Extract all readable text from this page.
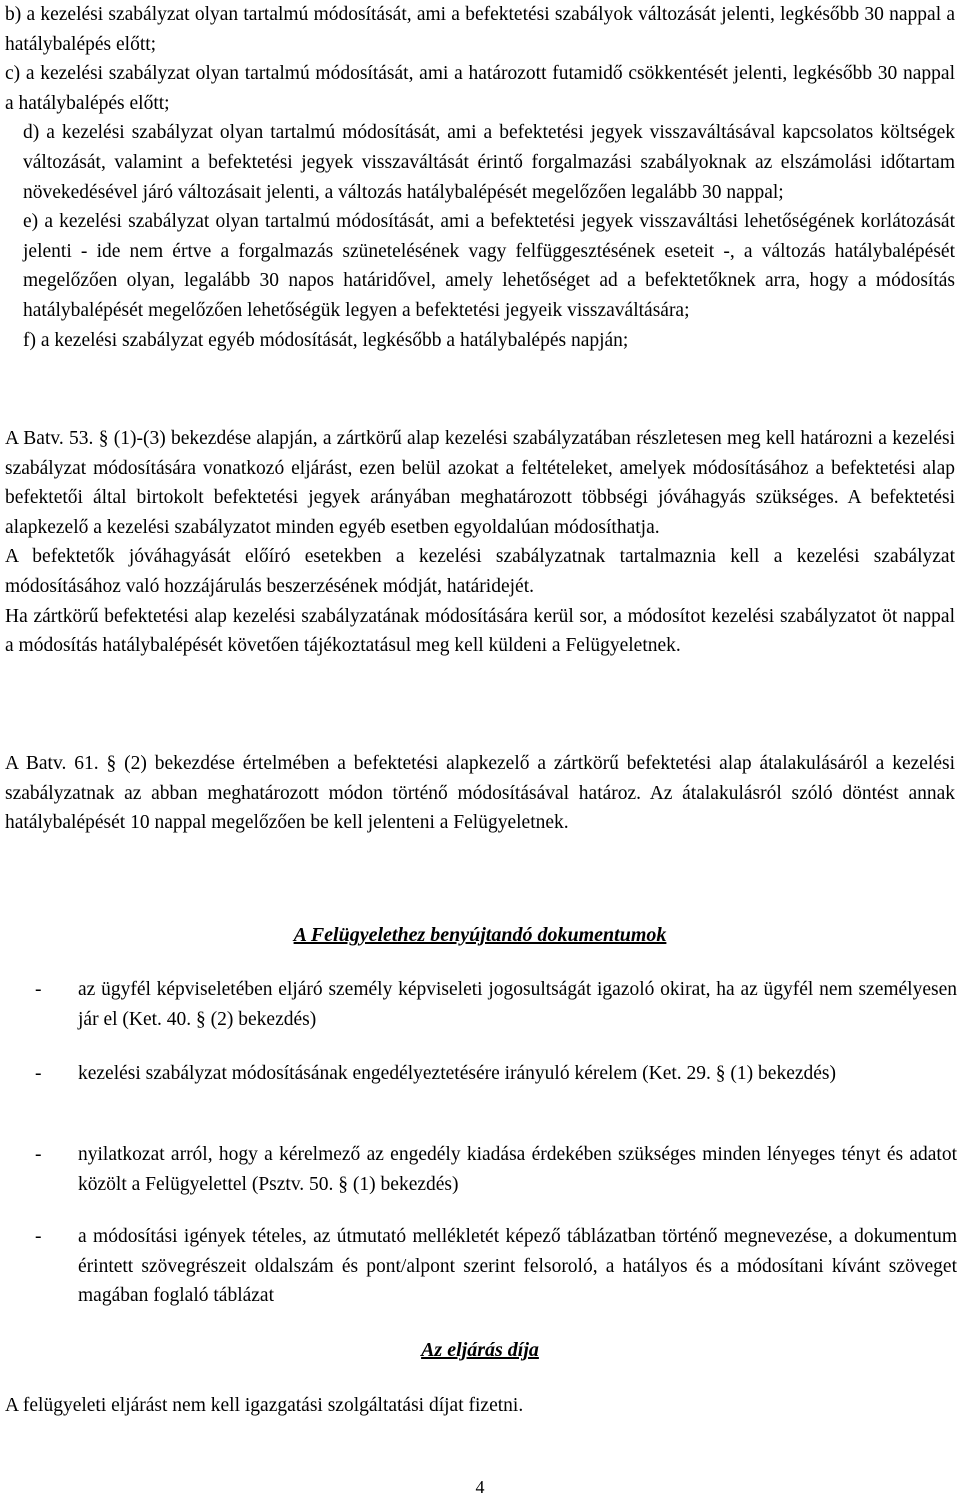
b) a kezelési szabályzat olyan tartalmú módosítását, ami a befektetési szabályok változását jelenti, legkésőbb 30 nappal a hatálybalépés előtt;

c) a kezelési szabályzat olyan tartalmú módosítását, ami a határozott futamidő csökkentését jelenti, legkésőbb 30 nappal a hatálybalépés előtt;

d) a kezelési szabályzat olyan tartalmú módosítását, ami a befektetési jegyek visszaváltásával kapcsolatos költségek változását, valamint a befektetési jegyek visszaváltását érintő forgalmazási szabályoknak az elszámolási időtartam növekedésével járó változásait jelenti, a változás hatálybalépését megelőzően legalább 30 nappal;

e) a kezelési szabályzat olyan tartalmú módosítását, ami a befektetési jegyek visszaváltási lehetőségének korlátozását jelenti - ide nem értve a forgalmazás szünetelésének vagy felfüggesztésének eseteit -, a változás hatálybalépését megelőzően olyan, legalább 30 napos határidővel, amely lehetőséget ad a befektetőknek arra, hogy a módosítás hatálybalépését megelőzően lehetőségük legyen a befektetési jegyeik visszaváltására;

f) a kezelési szabályzat egyéb módosítását, legkésőbb a hatálybalépés napján;

A Batv. 53. § (1)-(3) bekezdése alapján, a zártkörű alap kezelési szabályzatában részletesen meg kell határozni a kezelési szabályzat módosítására vonatkozó eljárást, ezen belül azokat a feltételeket, amelyek módosításához a befektetési alap befektetői által birtokolt befektetési jegyek arányában meghatározott többségi jóváhagyás szükséges. A befektetési alapkezelő a kezelési szabályzatot minden egyéb esetben egyoldalúan módosíthatja.

A befektetők jóváhagyását előíró esetekben a kezelési szabályzatnak tartalmaznia kell a kezelési szabályzat módosításához való hozzájárulás beszerzésének módját, határidejét.

Ha zártkörű befektetési alap kezelési szabályzatának módosítására kerül sor, a módosítot kezelési szabályzatot öt nappal a módosítás hatálybalépését követően tájékoztatásul meg kell küldeni a Felügyeletnek.

A Batv. 61. § (2) bekezdése értelmében a befektetési alapkezelő a zártkörű befektetési alap átalakulásáról a kezelési szabályzatnak az abban meghatározott módon történő módosításával határoz. Az átalakulásról szóló döntést annak hatálybalépését 10 nappal megelőzően be kell jelenteni a Felügyeletnek.

A Felügyelethez benyújtandó dokumentumok
-	az ügyfél képviseletében eljáró személy képviseleti jogosultságát igazoló okirat, ha az ügyfél nem személyesen jár el (Ket. 40. § (2) bekezdés)
-	kezelési szabályzat módosításának engedélyeztetésére irányuló kérelem (Ket. 29. § (1) bekezdés)
-	nyilatkozat arról, hogy a kérelmező az engedély kiadása érdekében szükséges minden lényeges tényt és adatot közölt a Felügyelettel (Psztv. 50. § (1) bekezdés)
-	a módosítási igények tételes, az útmutató mellékletét képező táblázatban történő megnevezése, a dokumentum érintett szövegrészeit oldalszám és pont/alpont szerint felsoroló, a hatályos és a módosítani kívánt szöveget magában foglaló táblázat
Az eljárás díja

A felügyeleti eljárást nem kell igazgatási szolgáltatási díjat fizetni.

4
